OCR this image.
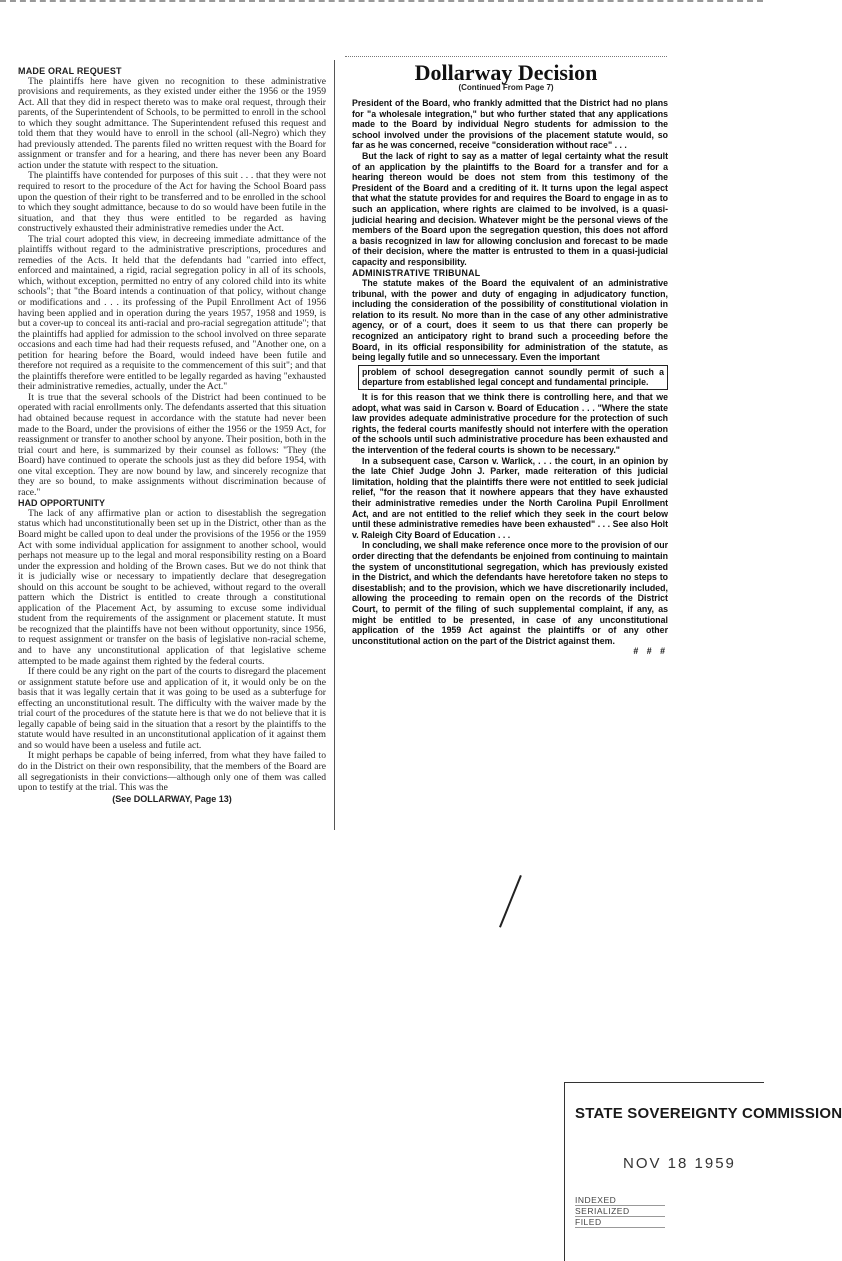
MADE ORAL REQUEST

The plaintiffs here have given no recognition to these administrative provisions and requirements, as they existed under either the 1956 or the 1959 Act. All that they did in respect thereto was to make oral request, through their parents, of the Superintendent of Schools, to be permitted to enroll in the school to which they sought admittance. The Superintendent refused this request and told them that they would have to enroll in the school (all-Negro) which they had previously attended. The parents filed no written request with the Board for assignment or transfer and for a hearing, and there has never been any Board action under the statute with respect to the situation.

The plaintiffs have contended for purposes of this suit . . . that they were not required to resort to the procedure of the Act for having the School Board pass upon the question of their right to be transferred and to be enrolled in the school to which they sought admittance, because to do so would have been futile in the situation, and that they thus were entitled to be regarded as having constructively exhausted their administrative remedies under the Act.

The trial court adopted this view, in decreeing immediate admittance of the plaintiffs without regard to the administrative prescriptions, procedures and remedies of the Acts. It held that the defendants had "carried into effect, enforced and maintained, a rigid, racial segregation policy in all of its schools, which, without exception, permitted no entry of any colored child into its white schools"; that "the Board intends a continuation of that policy, without change or modifications and . . . its professing of the Pupil Enrollment Act of 1956 having been applied and in operation during the years 1957, 1958 and 1959, is but a cover-up to conceal its anti-racial and pro-racial segregation attitude"; that the plaintiffs had applied for admission to the school involved on three separate occasions and each time had had their requests refused, and "Another one, on a petition for hearing before the Board, would indeed have been futile and therefore not required as a requisite to the commencement of this suit"; and that the plaintiffs therefore were entitled to be legally regarded as having "exhausted their administrative remedies, actually, under the Act."

It is true that the several schools of the District had been continued to be operated with racial enrollments only. The defendants asserted that this situation had obtained because request in accordance with the statute had never been made to the Board, under the provisions of either the 1956 or the 1959 Act, for reassignment or transfer to another school by anyone. Their position, both in the trial court and here, is summarized by their counsel as follows: "They (the Board) have continued to operate the schools just as they did before 1954, with one vital exception. They are now bound by law, and sincerely recognize that they are so bound, to make assignments without discrimination because of race."

HAD OPPORTUNITY

The lack of any affirmative plan or action to disestablish the segregation status which had unconstitutionally been set up in the District, other than as the Board might be called upon to deal under the provisions of the 1956 or the 1959 Act with some individual application for assignment to another school, would perhaps not measure up to the legal and moral responsibility resting on a Board under the expression and holding of the Brown cases. But we do not think that it is judicially wise or necessary to impatiently declare that desegregation should on this account be sought to be achieved, without regard to the overall pattern which the District is entitled to create through a constitutional application of the Placement Act, by assuming to excuse some individual student from the requirements of the assignment or placement statute. It must be recognized that the plaintiffs have not been without opportunity, since 1956, to request assignment or transfer on the basis of legislative non-racial scheme, and to have any unconstitutional application of that legislative scheme attempted to be made against them righted by the federal courts.

If there could be any right on the part of the courts to disregard the placement or assignment statute before use and application of it, it would only be on the basis that it was legally certain that it was going to be used as a subterfuge for effecting an unconstitutional result. The difficulty with the waiver made by the trial court of the procedures of the statute here is that we do not believe that it is legally capable of being said in the situation that a resort by the plaintiffs to the statute would have resulted in an unconstitutional application of it against them and so would have been a useless and futile act.

It might perhaps be capable of being inferred, from what they have failed to do in the District on their own responsibility, that the members of the Board are all segregationists in their convictions—although only one of them was called upon to testify at the trial. This was the

(See DOLLARWAY, Page 13)

Dollarway Decision
(Continued From Page 7)

President of the Board, who frankly admitted that the District had no plans for "a wholesale integration," but who further stated that any applications made to the Board by individual Negro students for admission to the school involved under the provisions of the placement statute would, so far as he was concerned, receive "consideration without race" . . .

But the lack of right to say as a matter of legal certainty what the result of an application by the plaintiffs to the Board for a transfer and for a hearing thereon would be does not stem from this testimony of the President of the Board and a crediting of it. It turns upon the legal aspect that what the statute provides for and requires the Board to engage in as to such an application, where rights are claimed to be involved, is a quasi-judicial hearing and decision. Whatever might be the personal views of the members of the Board upon the segregation question, this does not afford a basis recognized in law for allowing conclusion and forecast to be made of their decision, where the matter is entrusted to them in a quasi-judicial capacity and responsibility.

ADMINISTRATIVE TRIBUNAL

The statute makes of the Board the equivalent of an administrative tribunal, with the power and duty of engaging in adjudicatory function, including the consideration of the possibility of constitutional violation in relation to its result. No more than in the case of any other administrative agency, or of a court, does it seem to us that there can properly be recognized an anticipatory right to brand such a proceeding before the Board, in its official responsibility for administration of the statute, as being legally futile and so unnecessary. Even the important

problem of school desegregation cannot soundly permit of such a departure from established legal concept and fundamental principle.

It is for this reason that we think there is controlling here, and that we adopt, what was said in Carson v. Board of Education . . . "Where the state law provides adequate administrative procedure for the protection of such rights, the federal courts manifestly should not interfere with the operation of the schools until such administrative procedure has been exhausted and the intervention of the federal courts is shown to be necessary."

In a subsequent case, Carson v. Warlick, . . . the court, in an opinion by the late Chief Judge John J. Parker, made reiteration of this judicial limitation, holding that the plaintiffs there were not entitled to seek judicial relief, "for the reason that it nowhere appears that they have exhausted their administrative remedies under the North Carolina Pupil Enrollment Act, and are not entitled to the relief which they seek in the court below until these administrative remedies have been exhausted" . . . See also Holt v. Raleigh City Board of Education . . .

In concluding, we shall make reference once more to the provision of our order directing that the defendants be enjoined from continuing to maintain the system of unconstitutional segregation, which has previously existed in the District, and which the defendants have heretofore taken no steps to disestablish; and to the provision, which we have discretionarily included, allowing the proceeding to remain open on the records of the District Court, to permit of the filing of such supplemental complaint, if any, as might be entitled to be presented, in case of any unconstitutional application of the 1959 Act against the plaintiffs or of any other unconstitutional action on the part of the District against them.

# # #

STATE SOVEREIGNTY COMMISSION
NOV 18 1959
INDEXED
SERIALIZED
FILED
